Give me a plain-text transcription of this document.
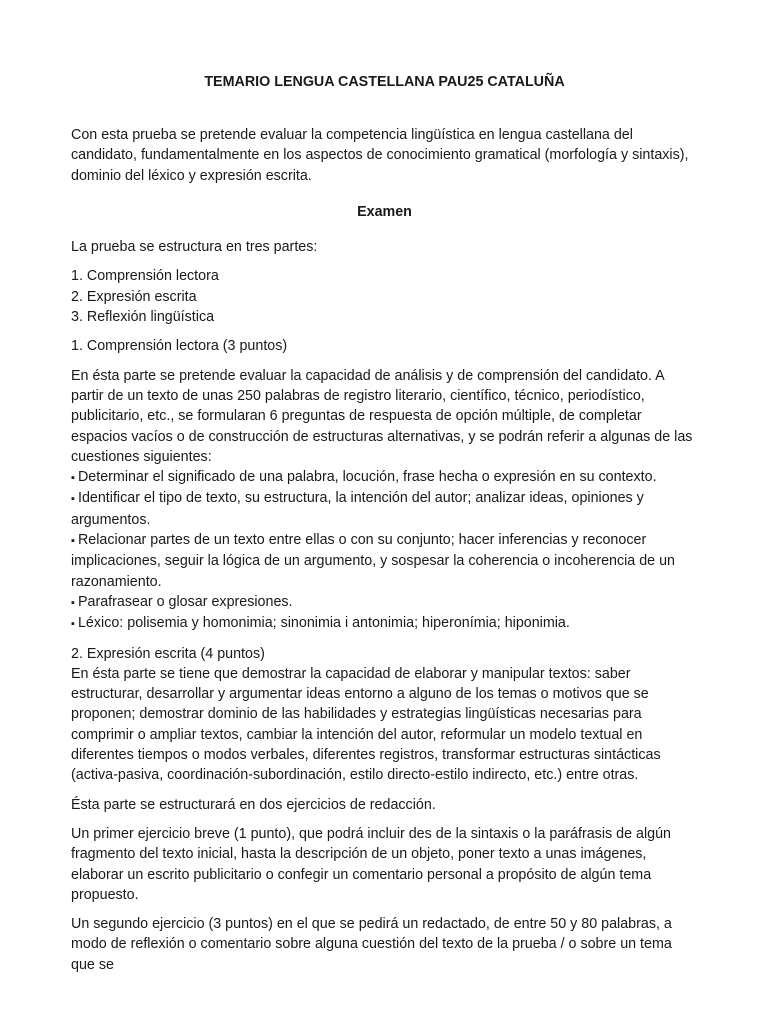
TEMARIO LENGUA CASTELLANA PAU25 CATALUÑA

Con esta prueba se pretende evaluar la competencia lingüística en lengua castellana del candidato, fundamentalmente en los aspectos de conocimiento gramatical (morfología y sintaxis), dominio del léxico y expresión escrita.

Examen

La prueba se estructura en tres partes:

1. Comprensión lectora
2. Expresión escrita
3. Reflexión lingüística

1. Comprensión lectora (3 puntos)

En ésta parte se pretende evaluar la capacidad de análisis y de comprensión del candidato. A partir de un texto de unas 250 palabras de registro literario, científico, técnico, periodístico, publicitario, etc., se formularan 6 preguntas de respuesta de opción múltiple, de completar espacios vacíos o de construcción de estructuras alternativas, y se podrán referir a algunas de las cuestiones siguientes:

▪ Determinar el significado de una palabra, locución, frase hecha o expresión en su contexto.
▪ Identificar el tipo de texto, su estructura, la intención del autor; analizar ideas, opiniones y argumentos.
▪ Relacionar partes de un texto entre ellas o con su conjunto; hacer inferencias y reconocer implicaciones, seguir la lógica de un argumento, y sospesar la coherencia o incoherencia de un razonamiento.
▪ Parafrasear o glosar expresiones.
▪ Léxico: polisemia y homonimia; sinonimia i antonimia; hiperonímia; hiponimia.

2. Expresión escrita (4 puntos)

En ésta parte se tiene que demostrar la capacidad de elaborar y manipular textos: saber estructurar, desarrollar y argumentar ideas entorno a alguno de los temas o motivos que se proponen; demostrar dominio de las habilidades y estrategias lingüísticas necesarias para comprimir o ampliar textos, cambiar la intención del autor, reformular un modelo textual en diferentes tiempos o modos verbales, diferentes registros, transformar estructuras sintácticas (activa-pasiva, coordinación-subordinación, estilo directo-estilo indirecto, etc.) entre otras.

Ésta parte se estructurará en dos ejercicios de redacción.

Un primer ejercicio breve (1 punto), que podrá incluir des de la sintaxis o la paráfrasis de algún fragmento del texto inicial, hasta la descripción de un objeto, poner texto a unas imágenes, elaborar un escrito publicitario o confegir un comentario personal a propósito de algún tema propuesto.

Un segundo ejercicio (3 puntos) en el que se pedirá un redactado, de entre 50 y 80 palabras, a modo de reflexión o comentario sobre alguna cuestión del texto de la prueba / o sobre un tema que se
